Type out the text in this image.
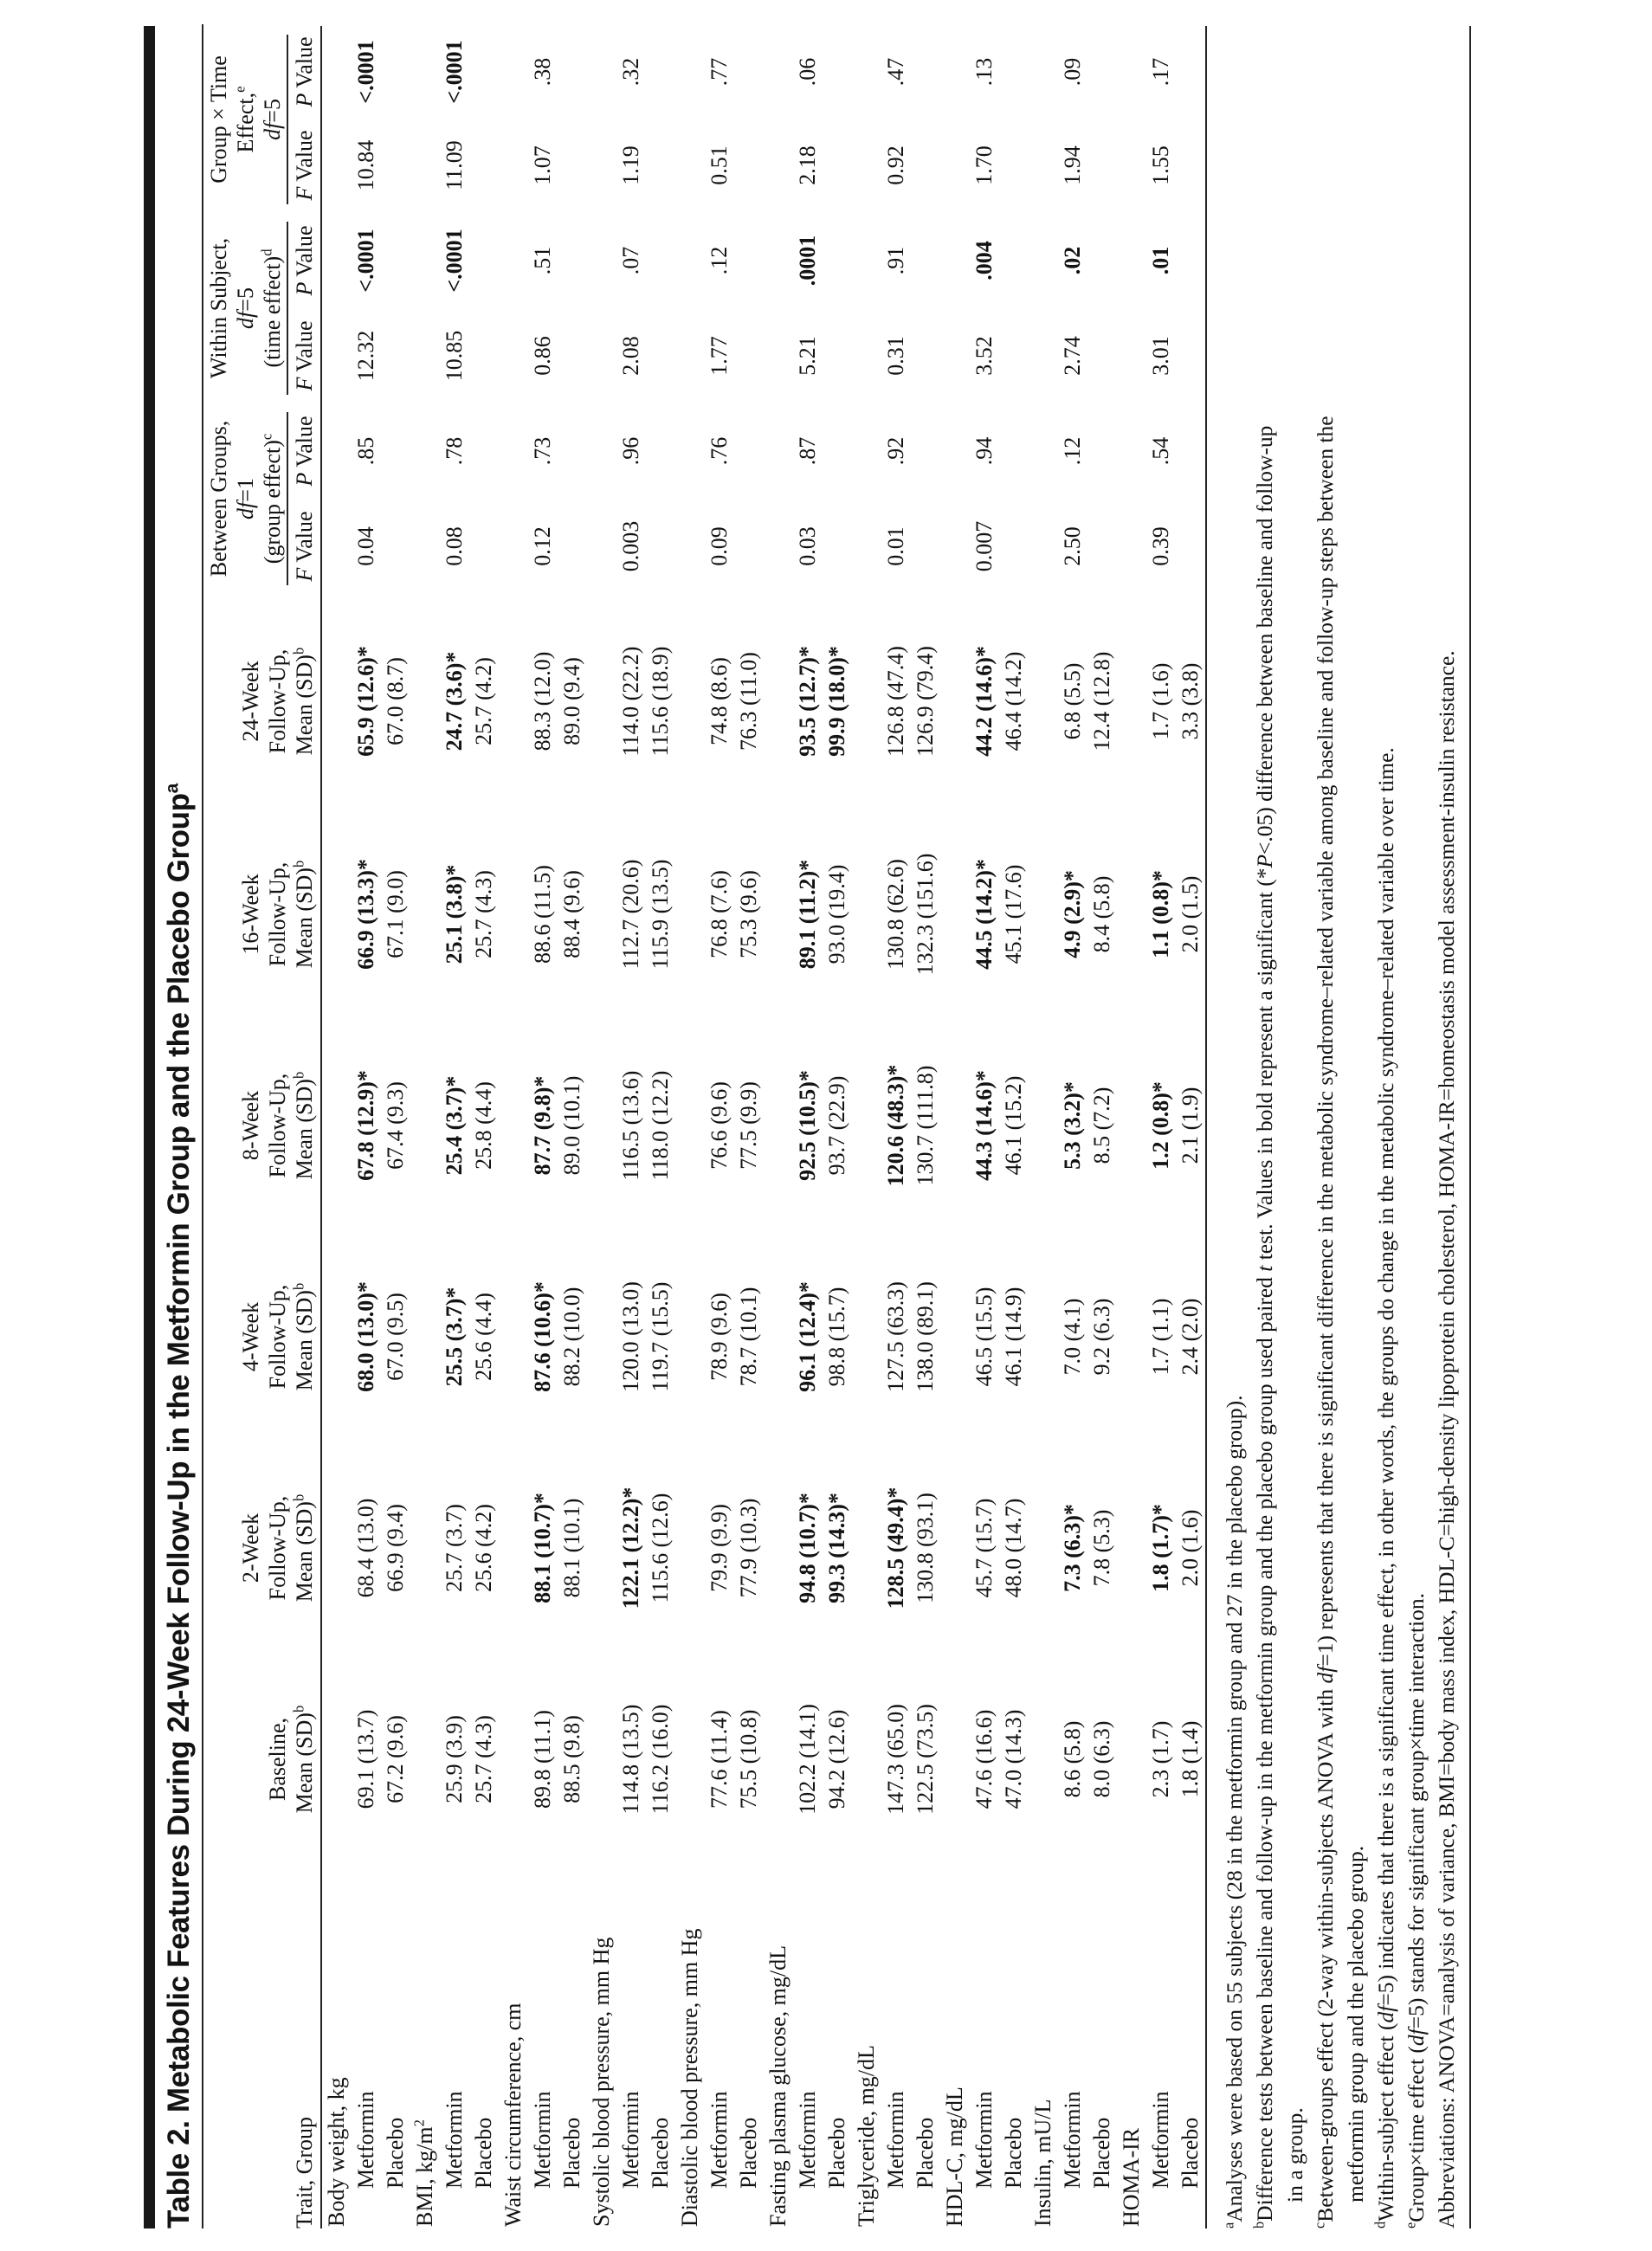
Table 2. Metabolic Features During 24-Week Follow-Up in the Metformin Group and the Placebo Group$^a$
Trait, Group	Baseline, Mean (SD)$^b$	2-Week Follow-Up, Mean (SD)$^b$	4-Week Follow-Up, Mean (SD)$^b$	8-Week Follow-Up, Mean (SD)$^b$	16-Week Follow-Up, Mean (SD)$^b$	24-Week Follow-Up, Mean (SD)$^b$	Between Groups, df=1 (group effect)$^c$		Within Subject, df=5 (time effect)$^d$		Group × Time Effect,$^e$
df=5	

							F Value	P Value	F Value	P Value	F Value	P Value
Body weight, kg												
Metformin	69.1 (13.7)	68.4 (13.0)	68.0 (13.0)*	67.8 (12.9)*	66.9 (13.3)*	65.9 (12.6)*	0.04	.85	12.32	<.0001	10.84	<.0001
Placebo	67.2 (9.6)	66.9 (9.4)	67.0 (9.5)	67.4 (9.3)	67.1 (9.0)	67.0 (8.7)						
BMI, $kg/m^2$
Metformin	25.9 (3.9)	25.7 (3.7)	25.5 (3.7)*	25.4 (3.7)*	25.1 (3.8)*	24.7 (3.6)*	0.08	.78	10.85	<.0001	11.09	<.0001
Placebo	25.7 (4.3)	25.6 (4.2)	25.6 (4.4)	25.8 (4.4)	25.7 (4.3)	25.7 (4.2)						
Waist circumference, cm												
Metformin	89.8 (11.1)	88.1 (10.7)*	87.6 (10.6)*	87.7 (9.8)*	88.6 (11.5)	88.3 (12.0)	0.12	.73	0.86	.51	1.07	.38
Placebo	88.5 (9.8)	88.1 (10.1)	88.2 (10.0)	89.0 (10.1)	88.4 (9.6)	89.0 (9.4)						
Systolic blood pressure, mm Hg												
Metformin	114.8 (13.5)	122.1 (12.2)*	120.0 (13.0)	116.5 (13.6)	112.7 (20.6)	114.0 (22.2)	0.003	.96	2.08	.07	1.19	.32
Placebo	116.2 (16.0)	115.6 (12.6)	119.7 (15.5)	118.0 (12.2)	115.9 (13.5)	115.6 (18.9)						
Diastolic blood pressure, mm Hg												
Metformin	77.6 (11.4)	79.9 (9.9)	78.9 (9.6)	76.6 (9.6)	76.8 (7.6)	74.8 (8.6)	0.09	.76	1.77	.12	0.51	.77
Placebo	75.5 (10.8)	77.9 (10.3)	78.7 (10.1)	77.5 (9.9)	75.3 (9.6)	76.3 (11.0)						
Fasting plasma glucose, mg/dL												
Metformin	102.2 (14.1)	94.8 (10.7)*	96.1 (12.4)*	92.5 (10.5)*	89.1 (11.2)*	93.5 (12.7)*	0.03	.87	5.21	.0001	2.18	.06
Placebo	94.2 (12.6)	99.3 (14.3)*	98.8 (15.7)	93.7 (22.9)	93.0 (19.4)	99.9 (18.0)*						
Triglyceride, mg/dL												
Metformin	147.3 (65.0)	128.5 (49.4)*	127.5 (63.3)	120.6 (48.3)*	130.8 (62.6)	126.8 (47.4)	0.01	.92	0.31	.91	0.92	.47
Placebo	122.5 (73.5)	130.8 (93.1)	138.0 (89.1)	130.7 (111.8)	132.3 (151.6)	126.9 (79.4)						
HDL-C, mg/dL												
Metformin	47.6 (16.6)	45.7 (15.7)	46.5 (15.5)	44.3 (14.6)*	44.5 (14.2)*	44.2 (14.6)*	0.007	.94	3.52	.004	1.70	.13
Placebo	47.0 (14.3)	48.0 (14.7)	46.1 (14.9)	46.1 (15.2)	45.1 (17.6)	46.4 (14.2)						
Insulin, mU/L												
Metformin	8.6 (5.8)	7.3 (6.3)*	7.0 (4.1)	5.3 (3.2)*	4.9 (2.9)*	6.8 (5.5)	2.50	.12	2.74	.02	1.94	.09
Placebo	8.0 (6.3)	7.8 (5.3)	9.2 (6.3)	8.5 (7.2)	8.4 (5.8)	12.4 (12.8)						
HOMA-IR												
Metformin	2.3 (1.7)	1.8 (1.7)*	1.7 (1.1)	1.2 (0.8)*	1.1 (0.8)*	1.7 (1.6)	0.39	.54	3.01	.01	1.55	.17
Placebo	1.8 (1.4)	2.0 (1.6)	2.4 (2.0)	2.1 (1.9)	2.0 (1.5)	3.3 (3.8)						
$^a$Analyses were based on 55 subjects (28 in the metformin group and 27 in the placebo group).
$^b$Difference tests between baseline and follow-up in the metformin group and the placebo group used paired t test. Values in bold represent a significant (*P<.05) difference between baseline and follow-up
in a group.
$^c$Between-groups effect (2-way within-subjects ANOVA with df=1) represents that there is significant difference in the metabolic syndrome–related variable among baseline and follow-up steps between the
metformin group and the placebo group.
$^d$Within-subject effect (df=5) indicates that there is a significant time effect, in other words, the groups do change in the metabolic syndrome–related variable over time.
$^e$Group×time effect (df=5) stands for significant group×time interaction. Abbreviations: ANOVA=analysis of variance, BMI=body mass index, HDL-C=high-density lipoprotein cholesterol, HOMA-IR=homeostasis model assessment-insulin resistance.
